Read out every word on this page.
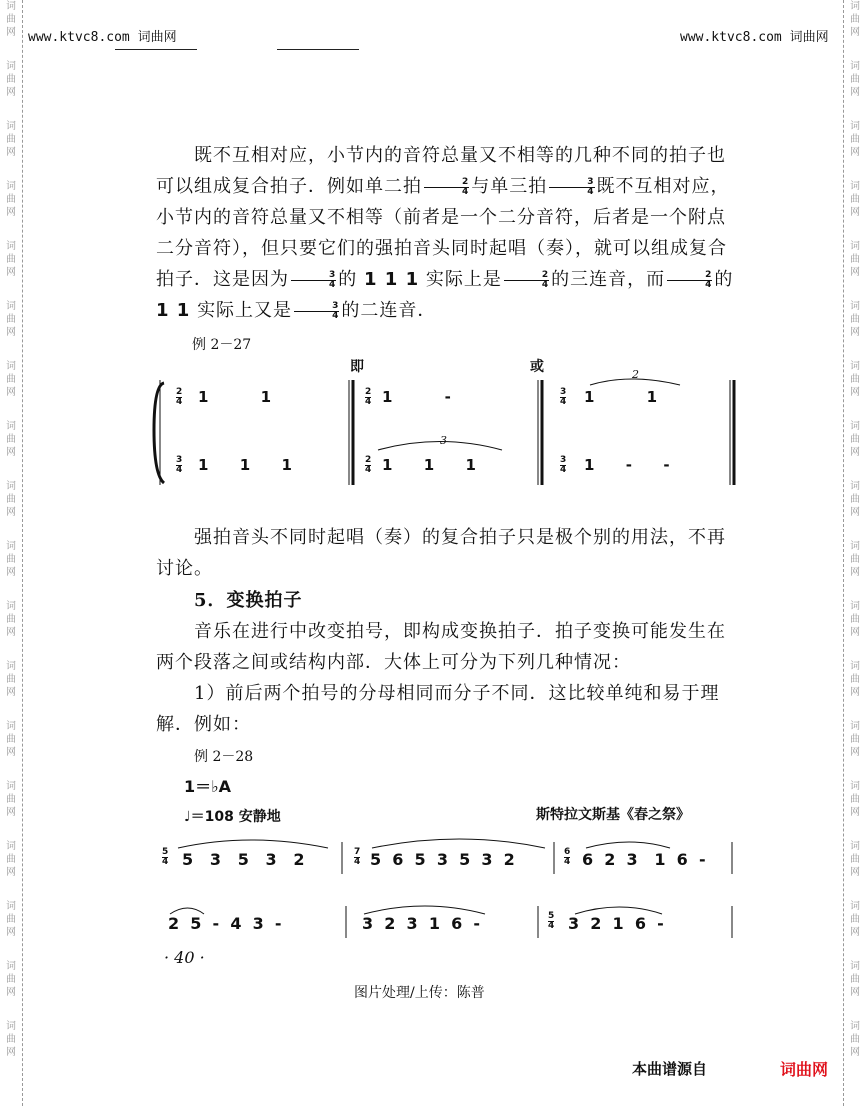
词
曲
网
词
曲
网
词
曲
网
词
曲
网
词
曲
网
词
曲
网
词
曲
网
词
曲
网
词
曲
网
词
曲
网
词
曲
网
词
曲
网
词
曲
网
词
曲
网
词
曲
网
词
曲
网
词
曲
网
词
曲
网
词
曲
网
词
曲
网
词
曲
网
词
曲
网
词
曲
网
词
曲
网
词
曲
网
词
曲
网
词
曲
网
词
曲
网
词
曲
网
词
曲
网
词
曲
网
词
曲
网
词
曲
网
词
曲
网
词
曲
网
词
曲
网
www.ktvc8.com 词曲网	www.ktvc8.com 词曲网

既不互相对应，小节内的音符总量又不相等的几种不同的拍子也可以组成复合拍子．例如单二拍 $\frac{2}{4}$ 与单三拍 $\frac{3}{4}$ 既不互相对应，小节内的音符总量又不相等（前者是一个二分音符，后者是一个附点二分音符），但只要它们的强拍音头同时起唱（奏），就可以组成复合拍子．这是因为 $\frac{3}{4}$ 的 1 1 1 实际上是 $\frac{2}{4}$ 的三连音，而 $\frac{2}{4}$ 的1 1 实际上又是 $\frac{3}{4}$ 的二连音．

例 2－27
即	或
3
2
2
4
3
4
2
4
2
4
3
4
3
4
1          1	1          -	1          1
1      1      1	1      1      1	1      -      -

强拍音头不同时起唱（奏）的复合拍子只是极个别的用法，不再讨论。

5．变换拍子

音乐在进行中改变拍号，即构成变换拍子．拍子变换可能发生在两个段落之间或结构内部．大体上可分为下列几种情况：

1）前后两个拍号的分母相同而分子不同．这比较单纯和易于理解．例如：

例 2－28
1＝♭A
♩＝108 安静地	斯特拉文斯基《春之祭》
5
4
7
4
6
4
5
4
5   3   5   3   2	5  6  5  3  5  3  2	6  2  3   1  6  -
2  5  -  4  3  -	3  2  3  1  6  -	3  2  1  6  -
· 40 ·
图片处理/上传：陈普
本曲谱源自	词曲网
